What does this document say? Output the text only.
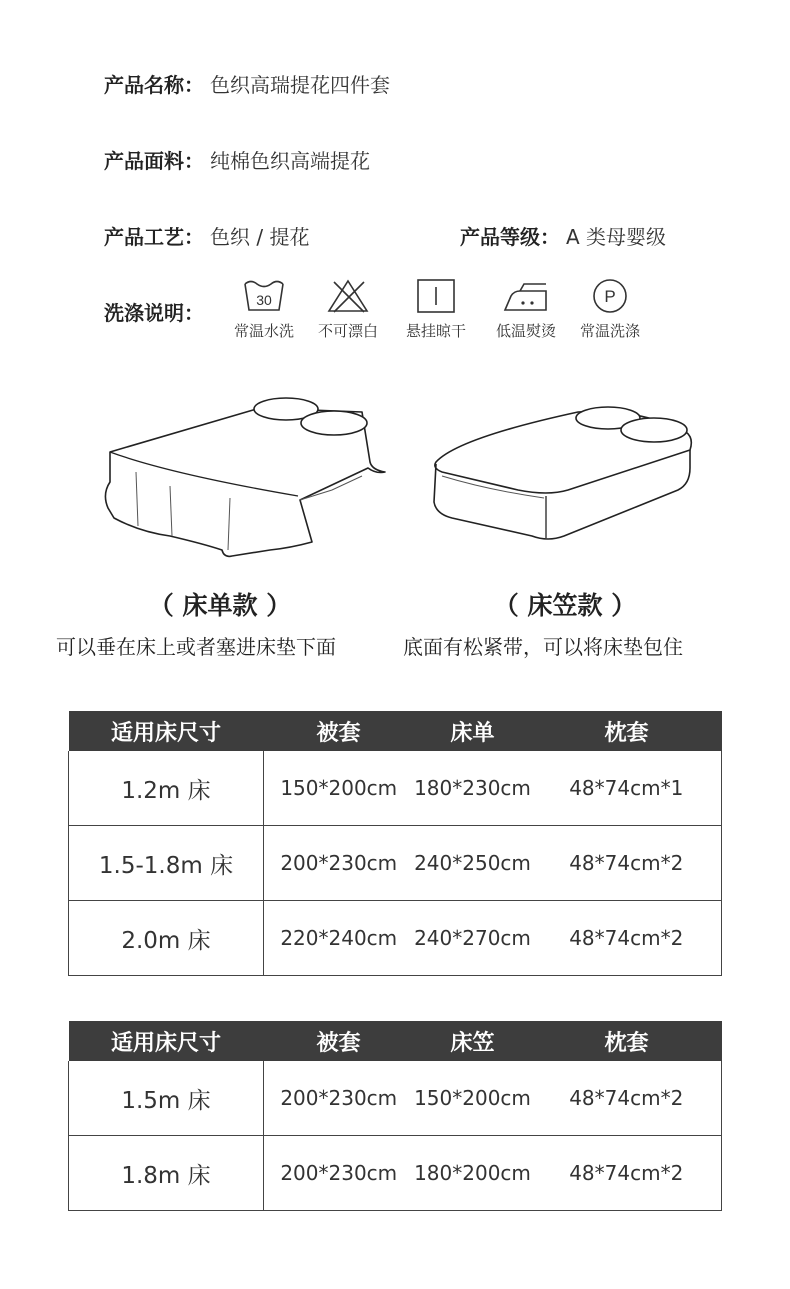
产品名称： 色织高瑞提花四件套
产品面料： 纯棉色织高端提花
产品工艺： 色织 / 提花	产品等级： A 类母婴级
洗涤说明：
30
常温水洗	不可漂白	悬挂晾干	低温熨烫
P
常温洗涤
（ 床单款 ）	（ 床笠款 ）
可以垂在床上或者塞进床垫下面	底面有松紧带，可以将床垫包住
适用床尺寸	被套	床单	枕套
1.2m 床	150*200cm	180*230cm	48*74cm*1
1.5-1.8m 床	200*230cm	240*250cm	48*74cm*2
2.0m 床	220*240cm	240*270cm	48*74cm*2
适用床尺寸	被套	床笠	枕套
1.5m 床	200*230cm	150*200cm	48*74cm*2
1.8m 床	200*230cm	180*200cm	48*74cm*2
